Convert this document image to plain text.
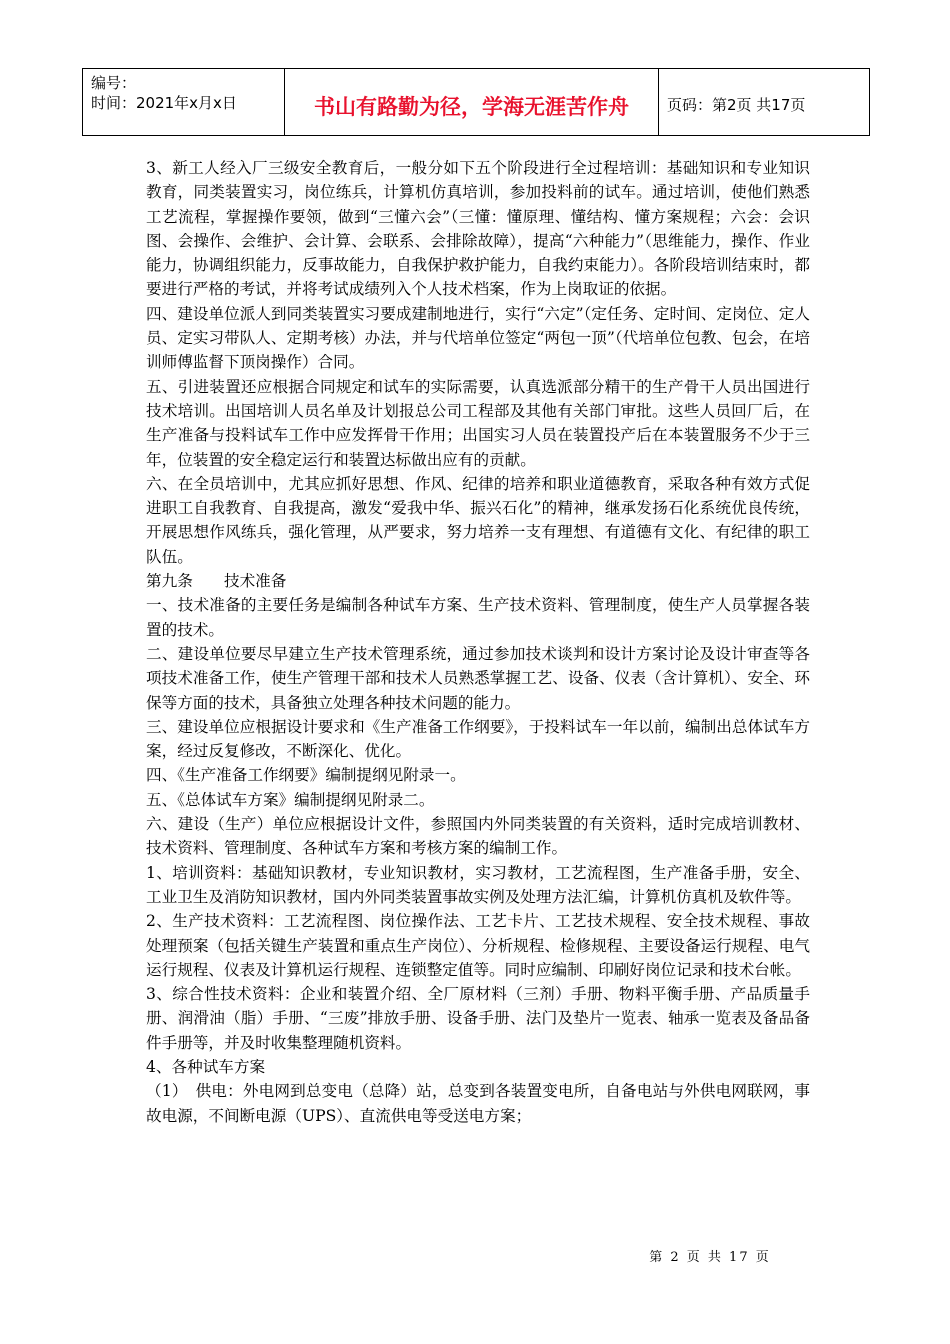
编号：
时间：2021年x月x日	书山有路勤为径，学海无涯苦作舟	页码：第2页 共17页

3、新工人经入厂三级安全教育后，一般分如下五个阶段进行全过程培训：基础知识和专业知识教育，同类装置实习，岗位练兵，计算机仿真培训，参加投料前的试车。通过培训，使他们熟悉工艺流程，掌握操作要领，做到“三懂六会”（三懂：懂原理、懂结构、懂方案规程；六会：会识图、会操作、会维护、会计算、会联系、会排除故障），提高“六种能力”（思维能力，操作、作业能力，协调组织能力，反事故能力，自我保护救护能力，自我约束能力）。各阶段培训结束时，都要进行严格的考试，并将考试成绩列入个人技术档案，作为上岗取证的依据。

四、建设单位派人到同类装置实习要成建制地进行，实行“六定”（定任务、定时间、定岗位、定人员、定实习带队人、定期考核）办法，并与代培单位签定“两包一顶”（代培单位包教、包会，在培训师傅监督下顶岗操作）合同。

五、引进装置还应根据合同规定和试车的实际需要，认真选派部分精干的生产骨干人员出国进行技术培训。出国培训人员名单及计划报总公司工程部及其他有关部门审批。这些人员回厂后，在生产准备与投料试车工作中应发挥骨干作用；出国实习人员在装置投产后在本装置服务不少于三年，位装置的安全稳定运行和装置达标做出应有的贡献。

六、在全员培训中，尤其应抓好思想、作风、纪律的培养和职业道德教育，采取各种有效方式促进职工自我教育、自我提高，激发“爱我中华、振兴石化”的精神，继承发扬石化系统优良传统，开展思想作风练兵，强化管理，从严要求，努力培养一支有理想、有道德有文化、有纪律的职工队伍。

第九条　　技术准备

一、技术准备的主要任务是编制各种试车方案、生产技术资料、管理制度，使生产人员掌握各装置的技术。

二、建设单位要尽早建立生产技术管理系统，通过参加技术谈判和设计方案讨论及设计审查等各项技术准备工作，使生产管理干部和技术人员熟悉掌握工艺、设备、仪表（含计算机）、安全、环保等方面的技术，具备独立处理各种技术问题的能力。

三、建设单位应根据设计要求和《生产准备工作纲要》，于投料试车一年以前，编制出总体试车方案，经过反复修改，不断深化、优化。

四、《生产准备工作纲要》编制提纲见附录一。

五、《总体试车方案》编制提纲见附录二。

六、建设（生产）单位应根据设计文件，参照国内外同类装置的有关资料，适时完成培训教材、技术资料、管理制度、各种试车方案和考核方案的编制工作。

1、培训资料：基础知识教材，专业知识教材，实习教材，工艺流程图，生产准备手册，安全、工业卫生及消防知识教材，国内外同类装置事故实例及处理方法汇编，计算机仿真机及软件等。

2、生产技术资料：工艺流程图、岗位操作法、工艺卡片、工艺技术规程、安全技术规程、事故处理预案（包括关键生产装置和重点生产岗位）、分析规程、检修规程、主要设备运行规程、电气运行规程、仪表及计算机运行规程、连锁整定值等。同时应编制、印刷好岗位记录和技术台帐。

3、综合性技术资料：企业和装置介绍、全厂原材料（三剂）手册、物料平衡手册、产品质量手册、润滑油（脂）手册、“三废”排放手册、设备手册、法门及垫片一览表、轴承一览表及备品备件手册等，并及时收集整理随机资料。

4、各种试车方案

（1）　供电：外电网到总变电（总降）站，总变到各装置变电所，自备电站与外供电网联网，事故电源，不间断电源（UPS）、直流供电等受送电方案；

第 2 页 共 17 页
